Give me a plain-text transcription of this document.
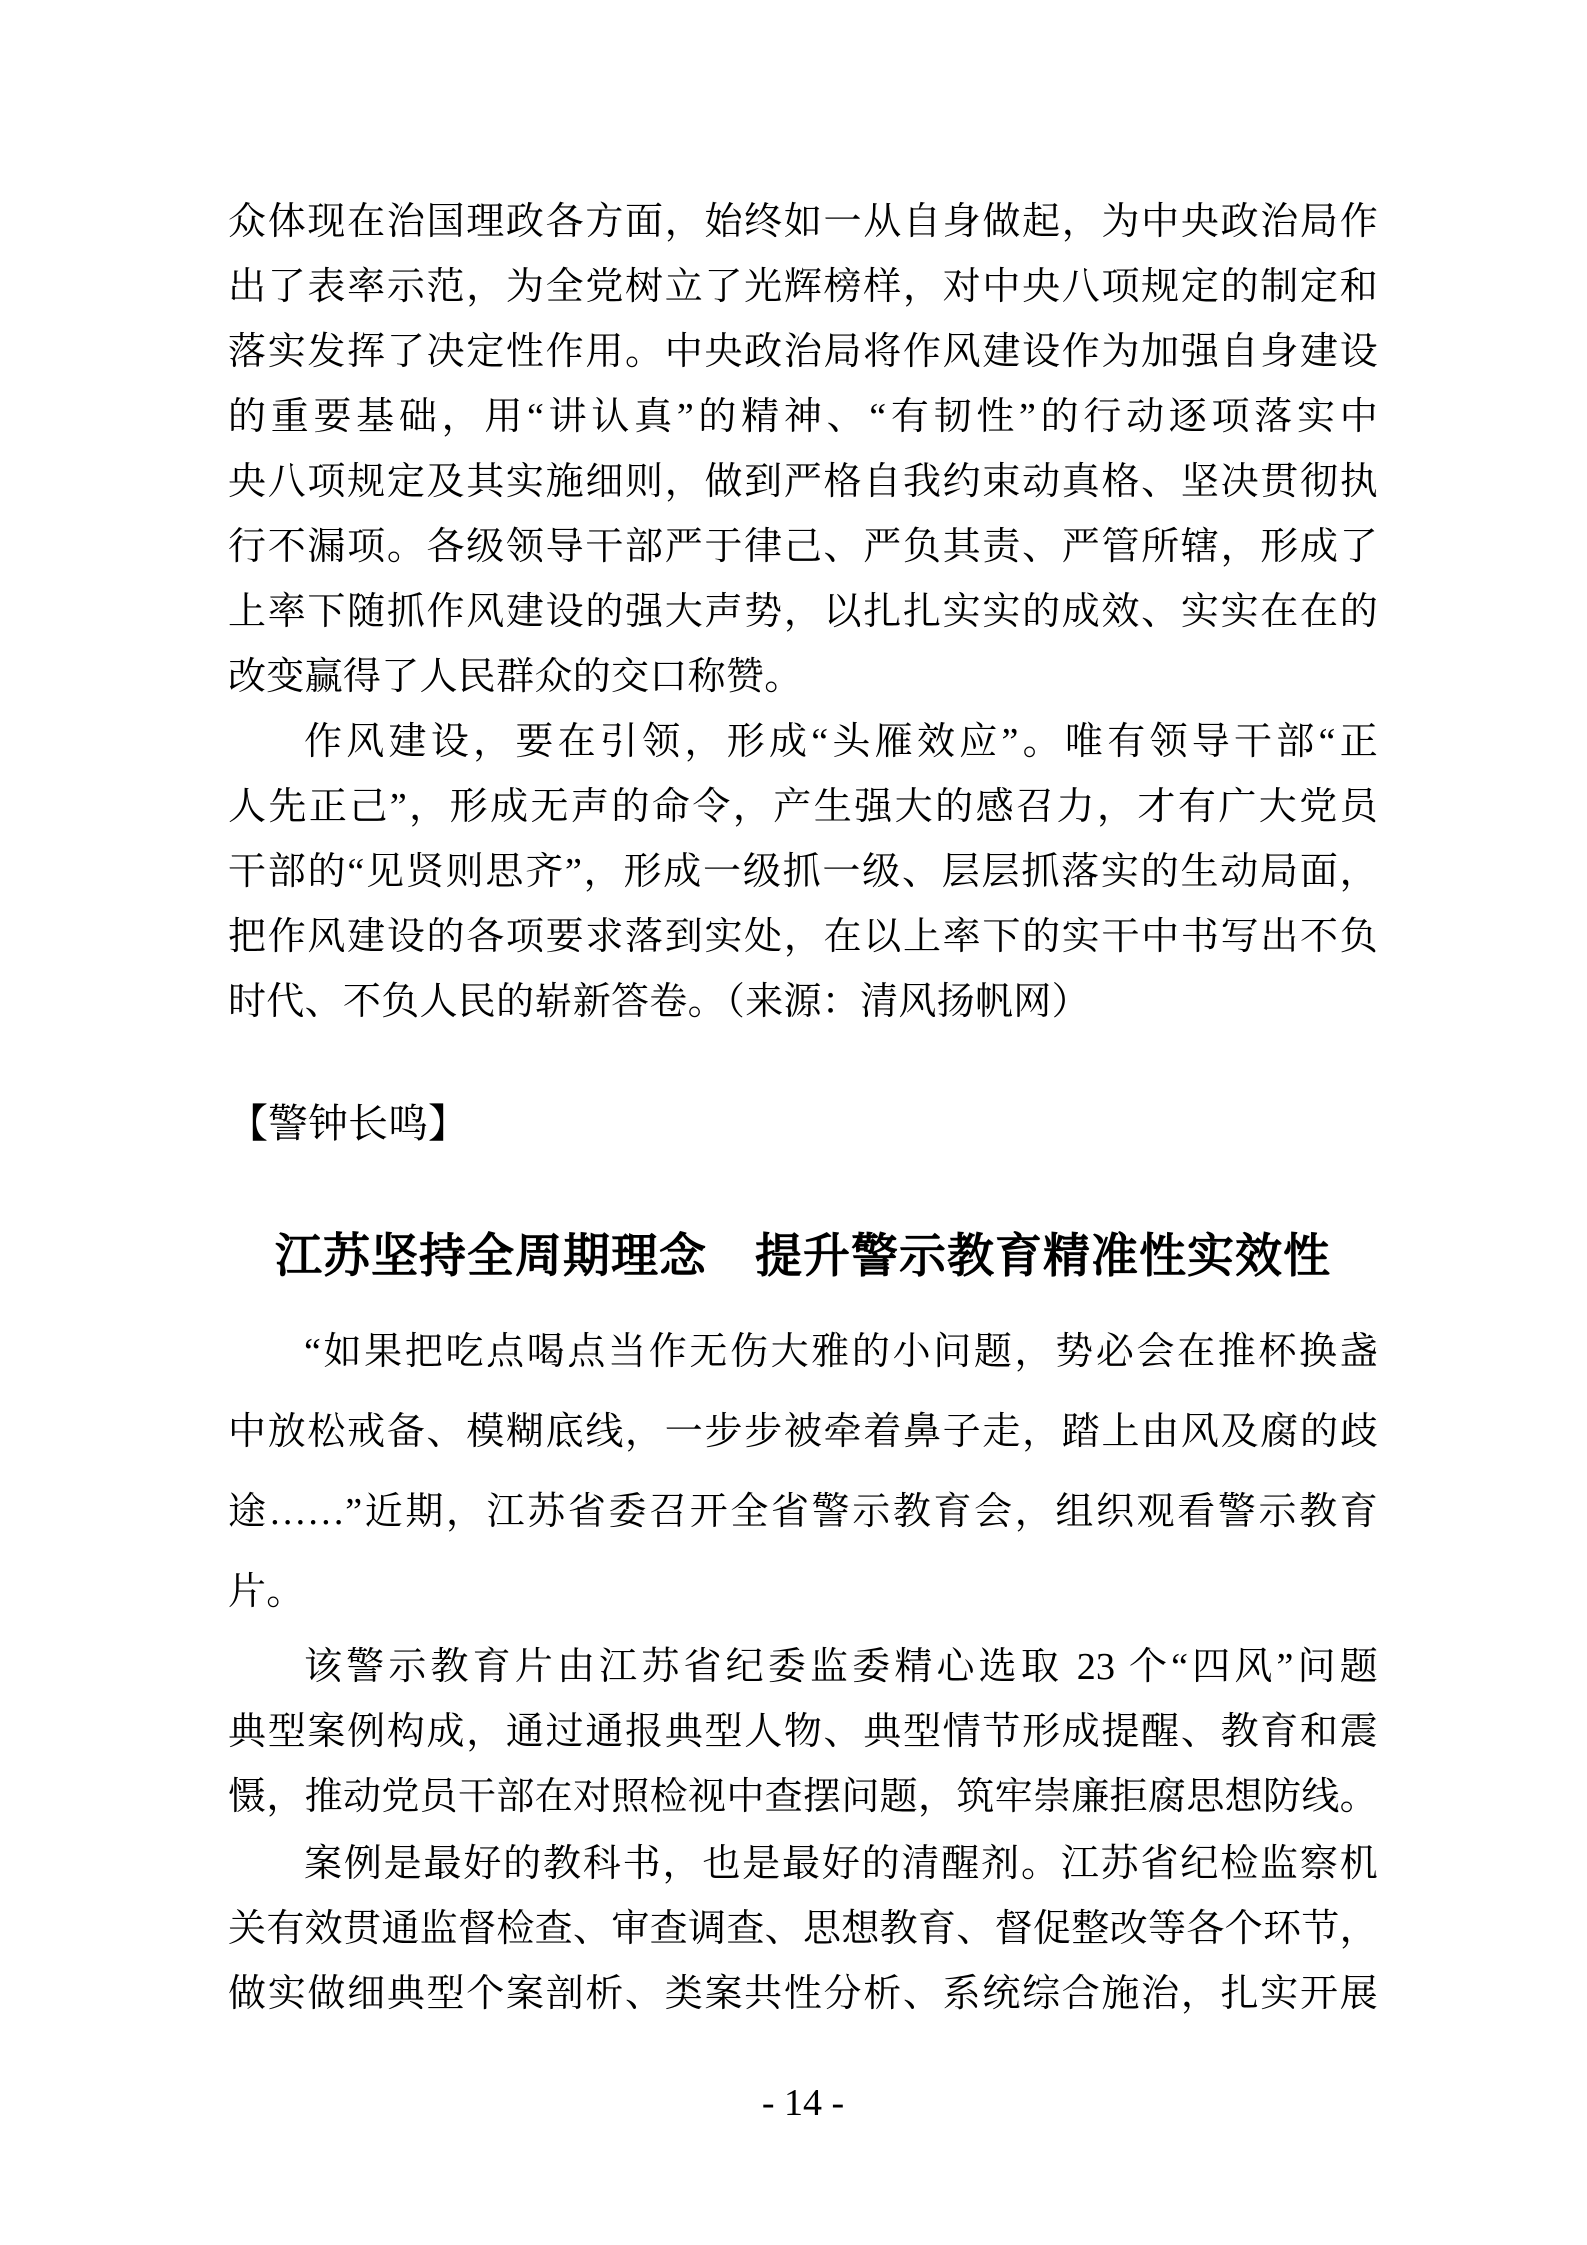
众体现在治国理政各方面，始终如一从自身做起，为中央政治局作
出了表率示范，为全党树立了光辉榜样，对中央八项规定的制定和
落实发挥了决定性作用。中央政治局将作风建设作为加强自身建设
的重要基础，用“讲认真”的精神、“有韧性”的行动逐项落实中
央八项规定及其实施细则，做到严格自我约束动真格、坚决贯彻执
行不漏项。各级领导干部严于律己、严负其责、严管所辖，形成了
上率下随抓作风建设的强大声势，以扎扎实实的成效、实实在在的
改变赢得了人民群众的交口称赞。
作风建设，要在引领，形成“头雁效应”。唯有领导干部“正
人先正己”，形成无声的命令，产生强大的感召力，才有广大党员
干部的“见贤则思齐”，形成一级抓一级、层层抓落实的生动局面，
把作风建设的各项要求落到实处，在以上率下的实干中书写出不负
时代、不负人民的崭新答卷。（来源：清风扬帆网）
【警钟长鸣】
江苏坚持全周期理念　提升警示教育精准性实效性
“如果把吃点喝点当作无伤大雅的小问题，势必会在推杯换盏
中放松戒备、模糊底线，一步步被牵着鼻子走，踏上由风及腐的歧
途……”近期，江苏省委召开全省警示教育会，组织观看警示教育
片。
该警示教育片由江苏省纪委监委精心选取 23 个“四风”问题
典型案例构成，通过通报典型人物、典型情节形成提醒、教育和震
慑，推动党员干部在对照检视中查摆问题，筑牢崇廉拒腐思想防线。
案例是最好的教科书，也是最好的清醒剂。江苏省纪检监察机
关有效贯通监督检查、审查调查、思想教育、督促整改等各个环节，
做实做细典型个案剖析、类案共性分析、系统综合施治，扎实开展
- 14 -
